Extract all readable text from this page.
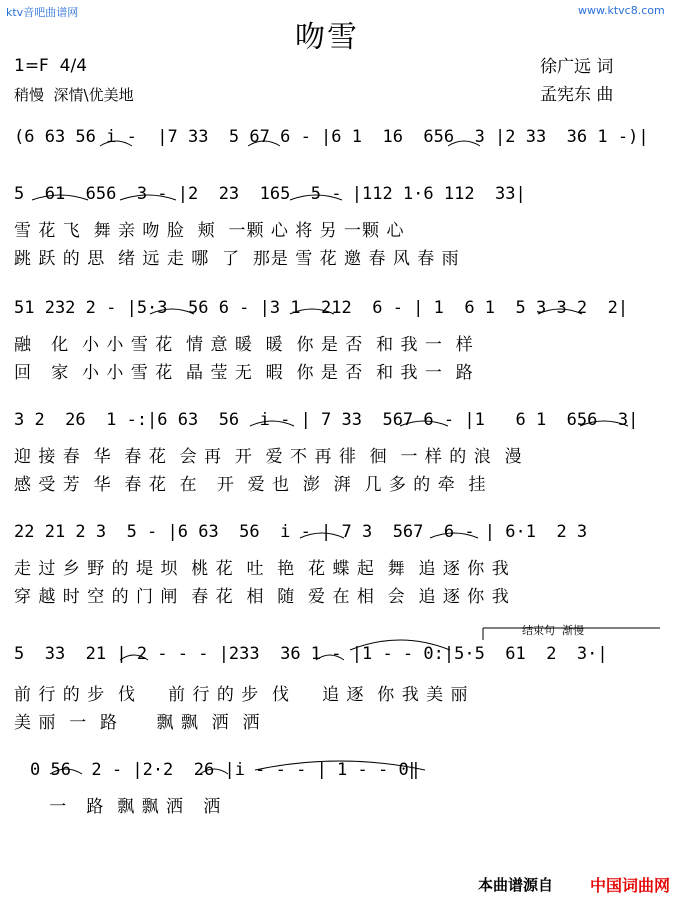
ktv音吧曲谱网	www.ktvc8.com
吻雪
1=F  4/4
稍慢  深情\优美地
徐广远 词
孟宪东 曲
(6 63 56 i -  |7 33  5 67 6 - |6 1  16  656  3 |2 33  36 1 -)|
5  61  656  3 - |2  23  165  5 - |112 1·6 112  33|
雪 花 飞  舞 亲 吻 脸  颊  一颗 心 将 另 一颗 心
跳 跃 的 思  绪 远 走 哪  了  那是 雪 花 邀 春 风 春 雨
51 232 2 - |5·3  56 6 - |3 1  212  6 - | 1  6 1  5 3 3 2  2|
融   化  小 小 雪 花  情 意 暖  暖  你 是 否  和 我 一  样
回   家  小 小 雪 花  晶 莹 无  暇  你 是 否  和 我 一  路
3 2  26  1 -:|6 63  56  i - | 7 33  567 6 - |1   6 1  656  3|
迎 接 春  华  春 花  会 再  开  爱 不 再 徘  徊  一 样 的 浪  漫
感 受 芳  华  春 花  在   开  爱 也  澎  湃  几 多 的 牵  挂
22 21 2 3  5 - |6 63  56  i - | 7 3  567  6 - | 6·1  2 3
走 过 乡 野 的 堤 坝  桃 花  吐  艳  花 蝶 起  舞  追 逐 你 我
穿 越 时 空 的 门 闸  春 花  相  随  爱 在 相  会  追 逐 你 我
结束句  渐慢
5  33  21 | 2 - - - |233  36 1 - |1 - - 0:|5·5  61  2  3·|
前 行 的 步  伐     前 行 的 步  伐     追 逐  你 我 美 丽
美 丽  一  路      飘 飘  洒  洒
0 56  2 - |2·2  26 |i - - - | 1 - - 0‖
一   路  飘 飘 洒   洒
本曲谱源自 中国词曲网
